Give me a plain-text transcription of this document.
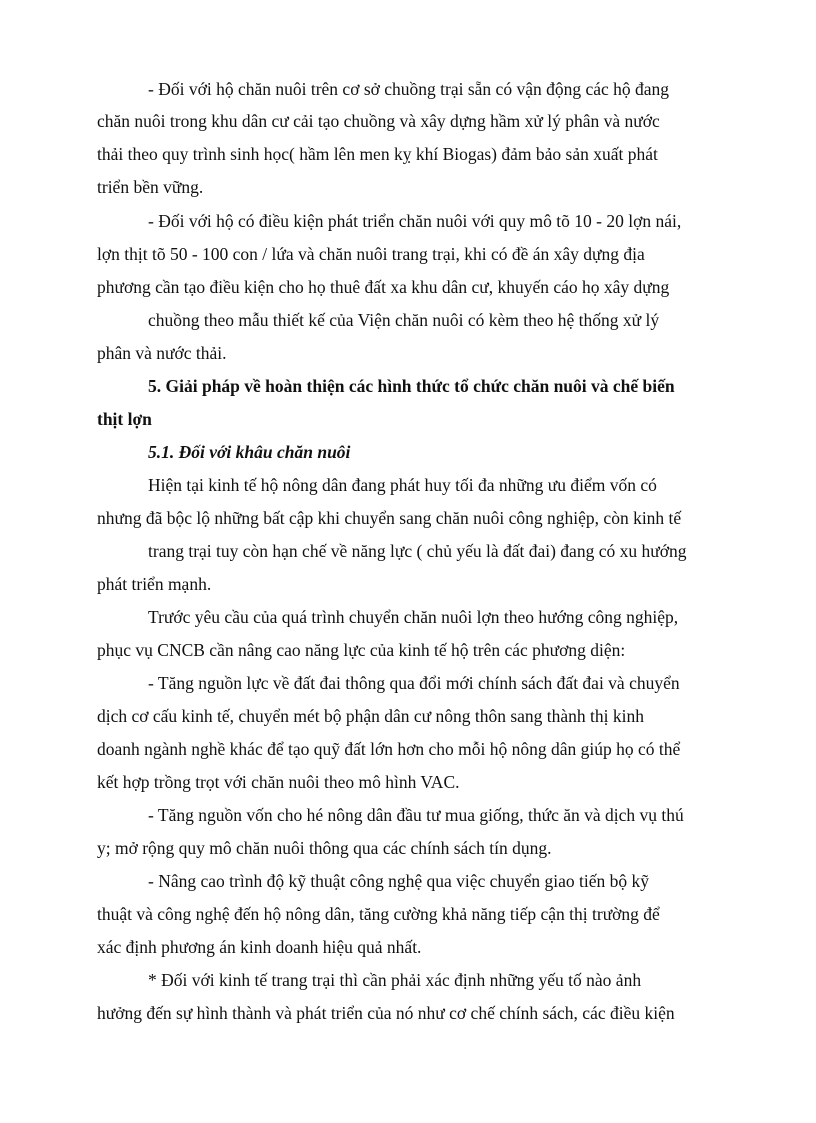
- Đối với hộ chăn nuôi trên cơ sở chuồng trại sẵn có vận động các hộ đang
chăn nuôi trong khu dân cư cải tạo chuồng và xây dựng hầm xử lý phân và nước
thải theo quy trình sinh học( hầm lên men kỵ khí Biogas) đảm bảo sản xuất phát
triển bền vững.
- Đối với hộ có điều kiện phát triển chăn nuôi với quy mô tõ 10 - 20 lợn nái,
lợn thịt tõ 50 - 100 con / lứa và chăn nuôi trang trại, khi có đề án xây dựng địa
phương cần tạo điều kiện cho họ thuê đất xa khu dân cư, khuyến cáo họ xây dựng
chuồng theo mẫu thiết kế của Viện chăn nuôi có kèm theo hệ thống xử lý
phân và nước thải.
5. Giải pháp về hoàn thiện các hình thức tổ chức chăn nuôi và chế biến
thịt lợn
5.1. Đối với khâu chăn nuôi
Hiện tại kinh tế hộ nông dân đang phát huy tối đa những ưu điểm vốn có
nhưng đã bộc lộ những bất cập khi chuyển sang chăn nuôi công nghiệp, còn kinh tế
trang trại tuy còn hạn chế về năng lực ( chủ yếu là đất đai) đang có xu hướng
phát triển mạnh.
Trước yêu cầu của quá trình chuyển chăn nuôi lợn theo hướng công nghiệp,
phục vụ CNCB cần nâng cao năng lực của kinh tế hộ trên các phương diện:
- Tăng nguồn lực về đất đai thông qua đổi mới chính sách đất đai và chuyển
dịch cơ cấu kinh tế, chuyển mét bộ phận dân cư nông thôn sang thành thị kinh
doanh ngành nghề khác để tạo quỹ đất lớn hơn cho mỗi hộ nông dân giúp họ có thể
kết hợp trồng trọt với chăn nuôi theo mô hình VAC.
- Tăng nguồn vốn cho hé nông dân đầu tư mua giống, thức ăn và dịch vụ thú
y; mở rộng quy mô chăn nuôi thông qua các chính sách tín dụng.
- Nâng cao trình độ kỹ thuật công nghệ qua việc chuyển giao tiến bộ kỹ
thuật và công nghệ đến hộ nông dân, tăng cường khả năng tiếp cận thị trường để
xác định phương án kinh doanh hiệu quả nhất.
* Đối với kinh tế trang trại thì cần phải xác định những yếu tố nào ảnh
hưởng đến sự hình thành và phát triển của nó như cơ chế chính sách, các điều kiện
